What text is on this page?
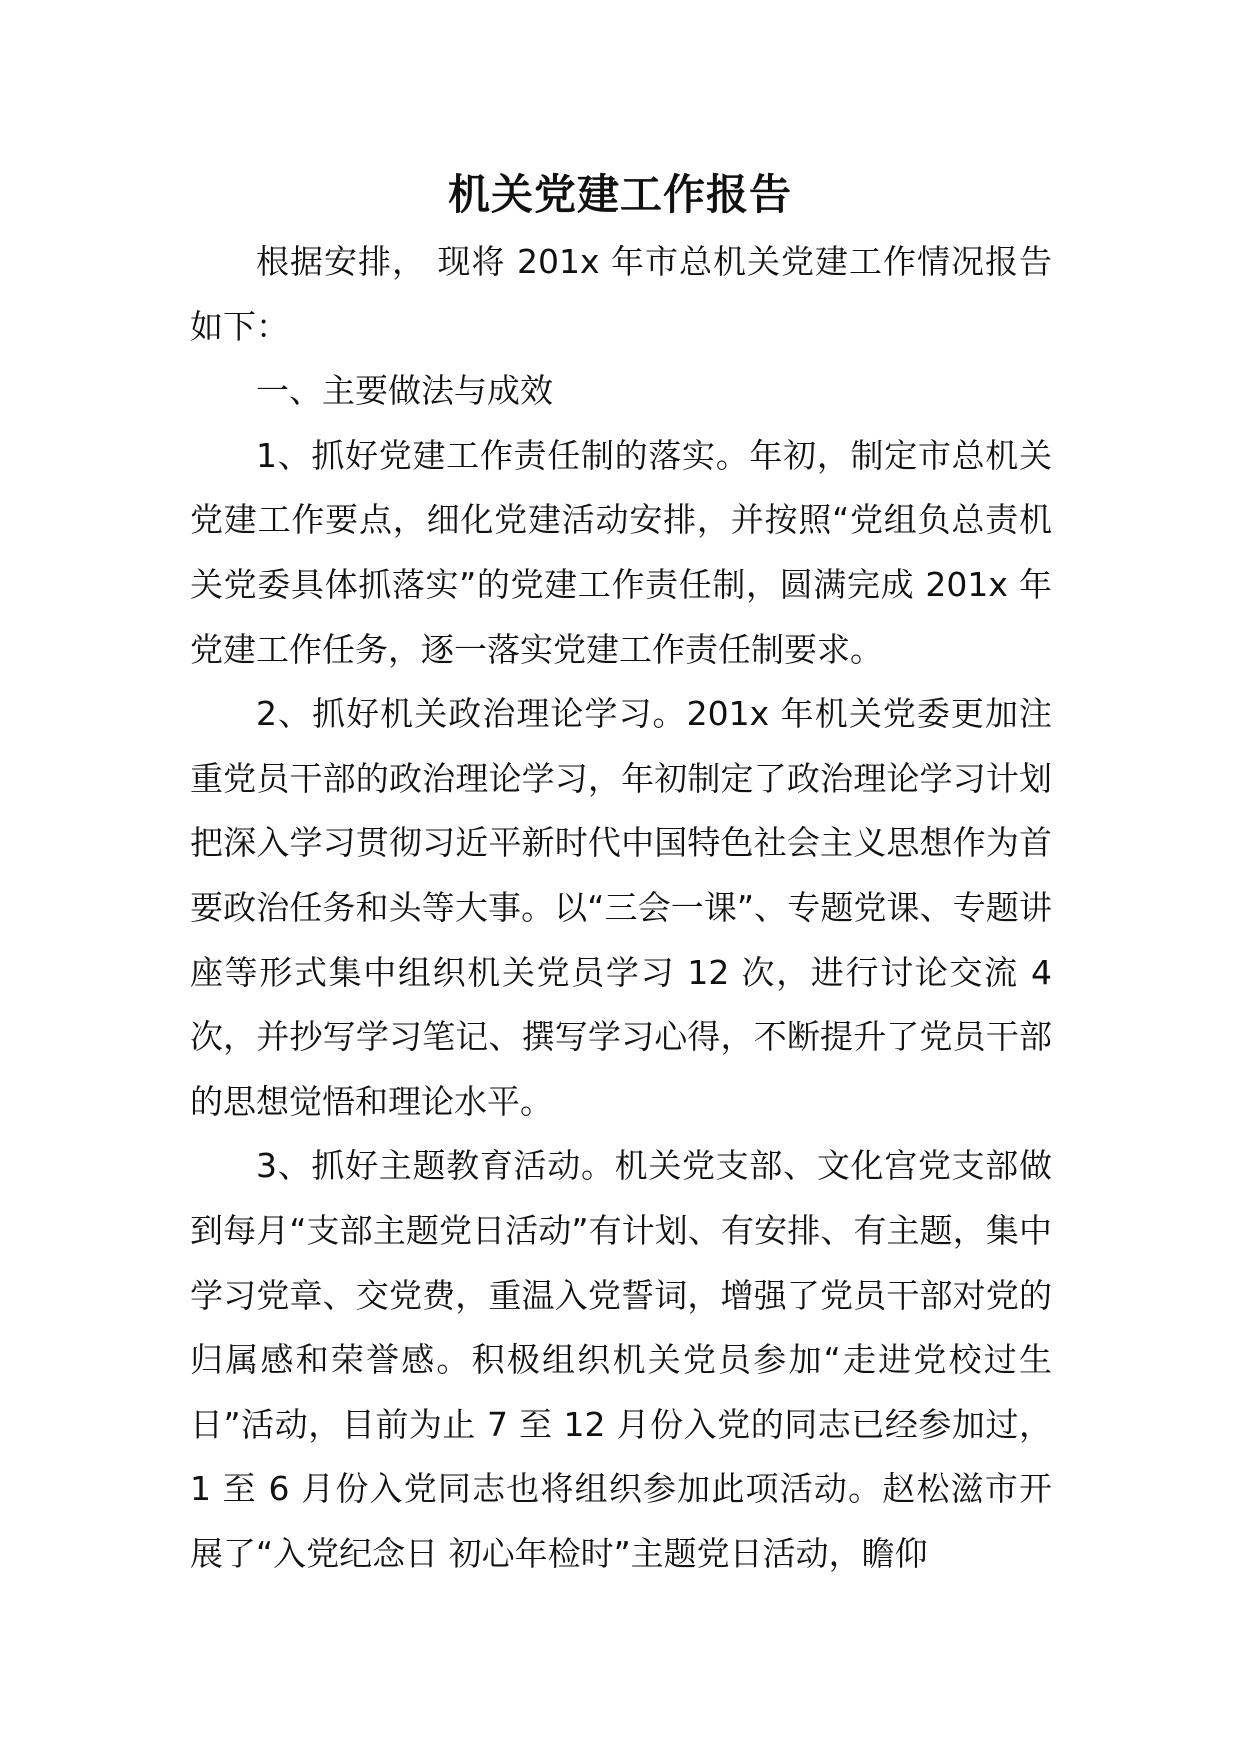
机关党建工作报告

根据安排， 现将 201x 年市总机关党建工作情况报告如下：

一、主要做法与成效

1、抓好党建工作责任制的落实。年初，制定市总机关党建工作要点，细化党建活动安排，并按照“党组负总责机关党委具体抓落实”的党建工作责任制，圆满完成 201x 年党建工作任务，逐一落实党建工作责任制要求。

2、抓好机关政治理论学习。201x 年机关党委更加注重党员干部的政治理论学习，年初制定了政治理论学习计划把深入学习贯彻习近平新时代中国特色社会主义思想作为首要政治任务和头等大事。以“三会一课”、专题党课、专题讲座等形式集中组织机关党员学习 12 次，进行讨论交流 4 次，并抄写学习笔记、撰写学习心得，不断提升了党员干部的思想觉悟和理论水平。

3、抓好主题教育活动。机关党支部、文化宫党支部做到每月“支部主题党日活动”有计划、有安排、有主题，集中学习党章、交党费，重温入党誓词，增强了党员干部对党的归属感和荣誉感。积极组织机关党员参加“走进党校过生日”活动，目前为止 7 至 12 月份入党的同志已经参加过，1 至 6 月份入党同志也将组织参加此项活动。赵松滋市开展了“入党纪念日 初心年检时”主题党日活动，瞻仰
